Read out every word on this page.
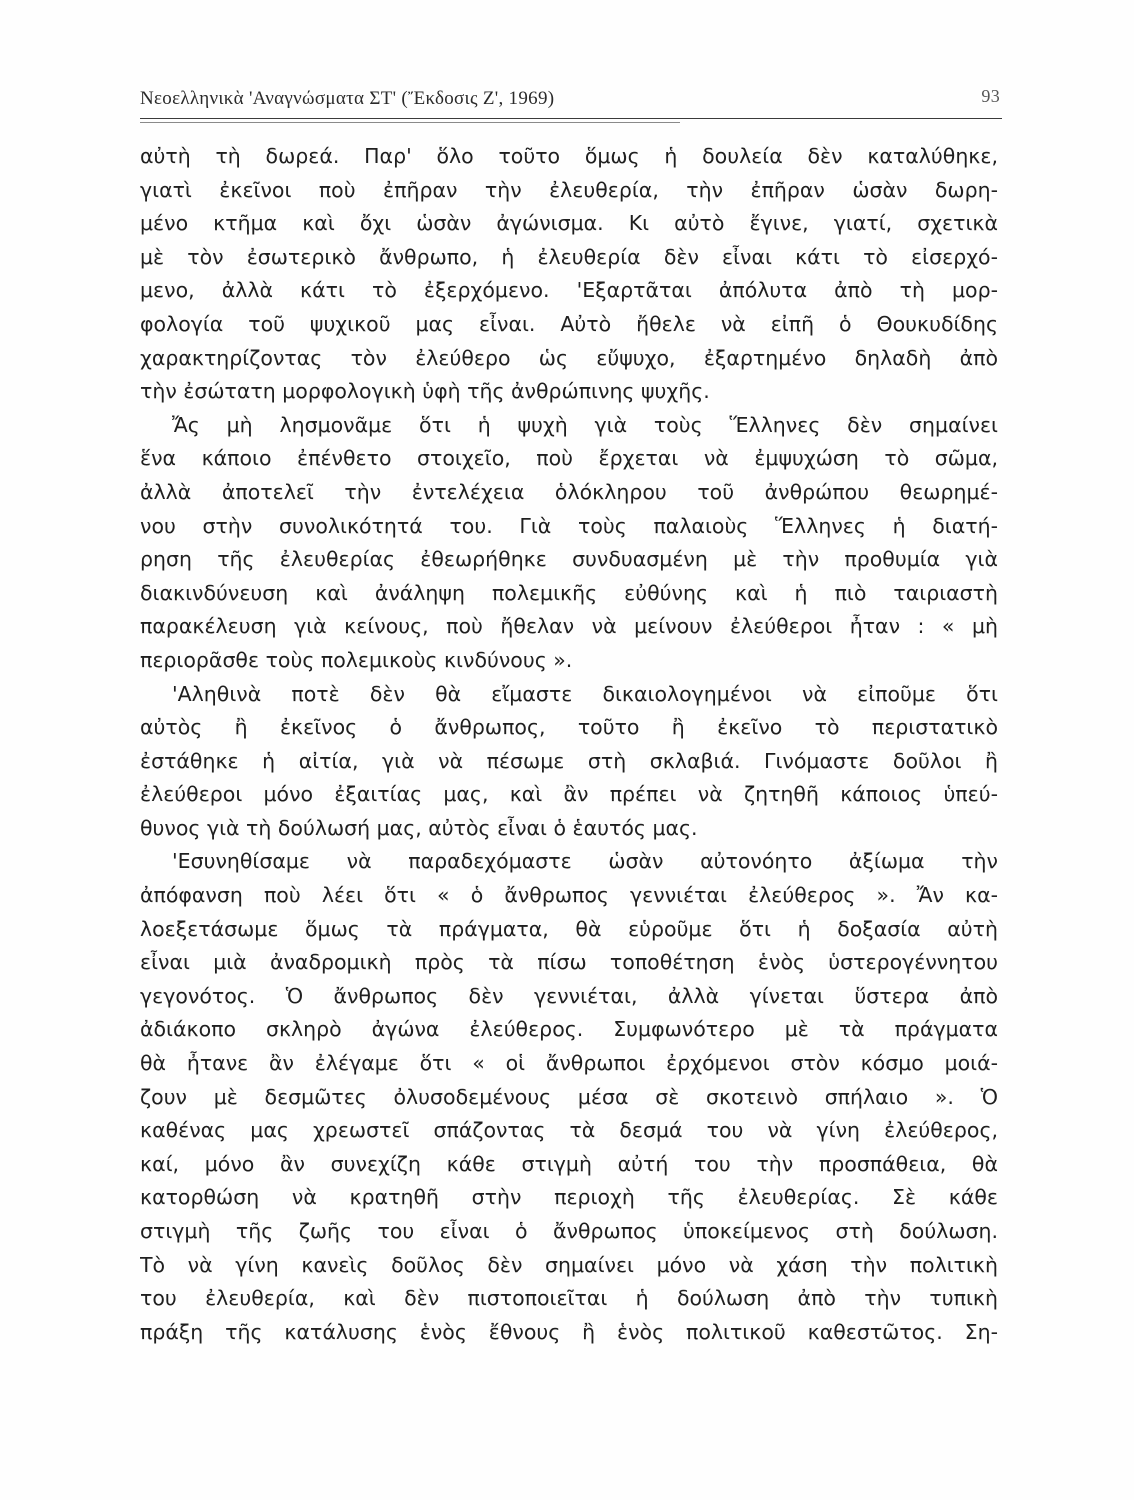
Νεοελληνικὰ 'Αναγνώσματα ΣΤ' (Ἔκδοσις Ζ', 1969)	93
αὐτὴ τὴ δωρεά. Παρ' ὅλο τοῦτο ὅμως ἡ δουλεία δὲν καταλύθηκε,
γιατὶ ἐκεῖνοι ποὺ ἐπῆραν τὴν ἐλευθερία, τὴν ἐπῆραν ὡσὰν δωρη-
μένο κτῆμα καὶ ὄχι ὡσὰν ἀγώνισμα. Κι αὐτὸ ἔγινε, γιατί, σχετικὰ
μὲ τὸν ἐσωτερικὸ ἄνθρωπο, ἡ ἐλευθερία δὲν εἶναι κάτι τὸ εἰσερχό-
μενο, ἀλλὰ κάτι τὸ ἐξερχόμενο. 'Εξαρτᾶται ἀπόλυτα ἀπὸ τὴ μορ-
φολογία τοῦ ψυχικοῦ μας εἶναι. Αὐτὸ ἤθελε νὰ εἰπῆ ὁ Θουκυδίδης
χαρακτηρίζοντας τὸν ἐλεύθερο ὡς εὔψυχο, ἐξαρτημένο δηλαδὴ ἀπὸ
τὴν ἐσώτατη μορφολογικὴ ὑφὴ τῆς ἀνθρώπινης ψυχῆς.
Ἄς μὴ λησμονᾶμε ὅτι ἡ ψυχὴ γιὰ τοὺς Ἕλληνες δὲν σημαίνει
ἕνα κάποιο ἐπένθετο στοιχεῖο, ποὺ ἔρχεται νὰ ἐμψυχώση τὸ σῶμα,
ἀλλὰ ἀποτελεῖ τὴν ἐντελέχεια ὁλόκληρου τοῦ ἀνθρώπου θεωρημέ-
νου στὴν συνολικότητά του. Γιὰ τοὺς παλαιοὺς Ἕλληνες ἡ διατή-
ρηση τῆς ἐλευθερίας ἐθεωρήθηκε συνδυασμένη μὲ τὴν προθυμία γιὰ
διακινδύνευση καὶ ἀνάληψη πολεμικῆς εὐθύνης καὶ ἡ πιὸ ταιριαστὴ
παρακέλευση γιὰ κείνους, ποὺ ἤθελαν νὰ μείνουν ἐλεύθεροι ἦταν : « μὴ
περιορᾶσθε τοὺς πολεμικοὺς κινδύνους ».
'Αληθινὰ ποτὲ δὲν θὰ εἴμαστε δικαιολογημένοι νὰ εἰποῦμε ὅτι
αὐτὸς ἢ ἐκεῖνος ὁ ἄνθρωπος, τοῦτο ἢ ἐκεῖνο τὸ περιστατικὸ
ἐστάθηκε ἡ αἰτία, γιὰ νὰ πέσωμε στὴ σκλαβιά. Γινόμαστε δοῦλοι ἢ
ἐλεύθεροι μόνο ἐξαιτίας μας, καὶ ἂν πρέπει νὰ ζητηθῆ κάποιος ὑπεύ-
θυνος γιὰ τὴ δούλωσή μας, αὐτὸς εἶναι ὁ ἑαυτός μας.
'Εσυνηθίσαμε νὰ παραδεχόμαστε ὡσὰν αὐτονόητο ἀξίωμα τὴν
ἀπόφανση ποὺ λέει ὅτι « ὁ ἄνθρωπος γεννιέται ἐλεύθερος ». Ἄν κα-
λοεξετάσωμε ὅμως τὰ πράγματα, θὰ εὑροῦμε ὅτι ἡ δοξασία αὐτὴ
εἶναι μιὰ ἀναδρομικὴ πρὸς τὰ πίσω τοποθέτηση ἑνὸς ὑστερογέννητου
γεγονότος. Ὁ ἄνθρωπος δὲν γεννιέται, ἀλλὰ γίνεται ὕστερα ἀπὸ
ἀδιάκοπο σκληρὸ ἀγώνα ἐλεύθερος. Συμφωνότερο μὲ τὰ πράγματα
θὰ ἦτανε ἂν ἐλέγαμε ὅτι « οἱ ἄνθρωποι ἐρχόμενοι στὸν κόσμο μοιά-
ζουν μὲ δεσμῶτες ὀλυσοδεμένους μέσα σὲ σκοτεινὸ σπήλαιο ». Ὁ
καθένας μας χρεωστεῖ σπάζοντας τὰ δεσμά του νὰ γίνη ἐλεύθερος,
καί, μόνο ἂν συνεχίζη κάθε στιγμὴ αὐτή του τὴν προσπάθεια, θὰ
κατορθώση νὰ κρατηθῆ στὴν περιοχὴ τῆς ἐλευθερίας. Σὲ κάθε
στιγμὴ τῆς ζωῆς του εἶναι ὁ ἄνθρωπος ὑποκείμενος στὴ δούλωση.
Τὸ νὰ γίνη κανεὶς δοῦλος δὲν σημαίνει μόνο νὰ χάση τὴν πολιτικὴ
του ἐλευθερία, καὶ δὲν πιστοποιεῖται ἡ δούλωση ἀπὸ τὴν τυπικὴ
πράξη τῆς κατάλυσης ἑνὸς ἔθνους ἢ ἑνὸς πολιτικοῦ καθεστῶτος. Ση-
